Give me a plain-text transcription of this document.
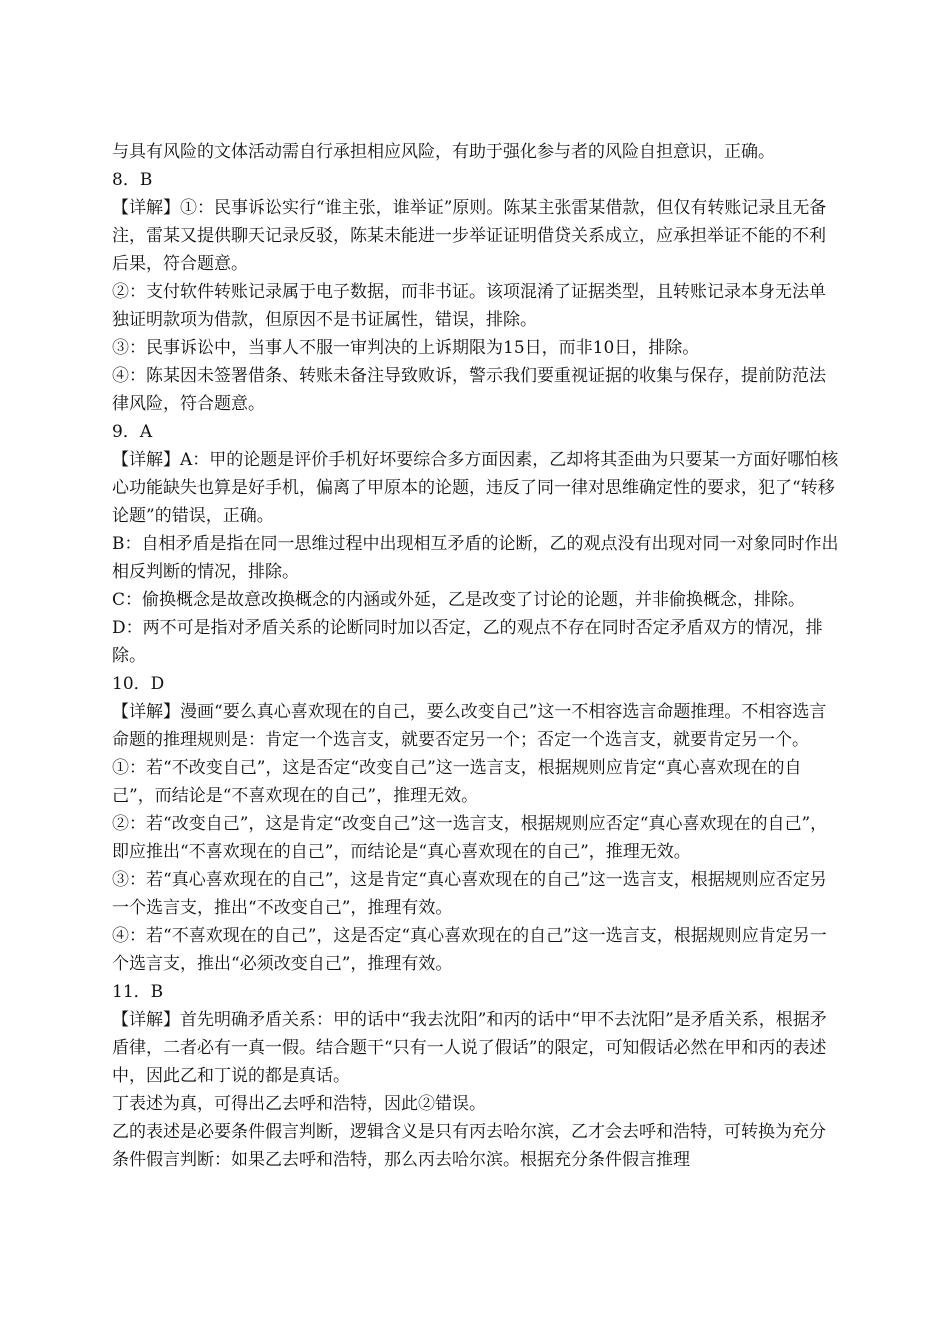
与具有风险的文体活动需自行承担相应风险，有助于强化参与者的风险自担意识，正确。

8．B

【详解】①：民事诉讼实行“谁主张，谁举证”原则。陈某主张雷某借款，但仅有转账记录且无备注，雷某又提供聊天记录反驳，陈某未能进一步举证证明借贷关系成立，应承担举证不能的不利后果，符合题意。

②：支付软件转账记录属于电子数据，而非书证。该项混淆了证据类型，且转账记录本身无法单独证明款项为借款，但原因不是书证属性，错误，排除。

③：民事诉讼中，当事人不服一审判决的上诉期限为15日，而非10日，排除。

④：陈某因未签署借条、转账未备注导致败诉，警示我们要重视证据的收集与保存，提前防范法律风险，符合题意。

9．A

【详解】A：甲的论题是评价手机好坏要综合多方面因素，乙却将其歪曲为只要某一方面好哪怕核心功能缺失也算是好手机，偏离了甲原本的论题，违反了同一律对思维确定性的要求，犯了“转移论题”的错误，正确。

B：自相矛盾是指在同一思维过程中出现相互矛盾的论断，乙的观点没有出现对同一对象同时作出相反判断的情况，排除。

C：偷换概念是故意改换概念的内涵或外延，乙是改变了讨论的论题，并非偷换概念，排除。

D：两不可是指对矛盾关系的论断同时加以否定，乙的观点不存在同时否定矛盾双方的情况，排除。

10．D

【详解】漫画“要么真心喜欢现在的自己，要么改变自己”这一不相容选言命题推理。不相容选言命题的推理规则是：肯定一个选言支，就要否定另一个；否定一个选言支，就要肯定另一个。

①：若“不改变自己”，这是否定“改变自己”这一选言支，根据规则应肯定“真心喜欢现在的自己”，而结论是“不喜欢现在的自己”，推理无效。

②：若“改变自己”，这是肯定“改变自己”这一选言支，根据规则应否定“真心喜欢现在的自己”，即应推出“不喜欢现在的自己”，而结论是“真心喜欢现在的自己”，推理无效。

③：若“真心喜欢现在的自己”，这是肯定“真心喜欢现在的自己”这一选言支，根据规则应否定另一个选言支，推出“不改变自己”，推理有效。

④：若“不喜欢现在的自己”，这是否定“真心喜欢现在的自己”这一选言支，根据规则应肯定另一个选言支，推出“必须改变自己”，推理有效。

11．B

【详解】首先明确矛盾关系：甲的话中“我去沈阳”和丙的话中“甲不去沈阳”是矛盾关系，根据矛盾律，二者必有一真一假。结合题干“只有一人说了假话”的限定，可知假话必然在甲和丙的表述中，因此乙和丁说的都是真话。

丁表述为真，可得出乙去呼和浩特，因此②错误。

乙的表述是必要条件假言判断，逻辑含义是只有丙去哈尔滨，乙才会去呼和浩特，可转换为充分条件假言判断：如果乙去呼和浩特，那么丙去哈尔滨。根据充分条件假言推理
